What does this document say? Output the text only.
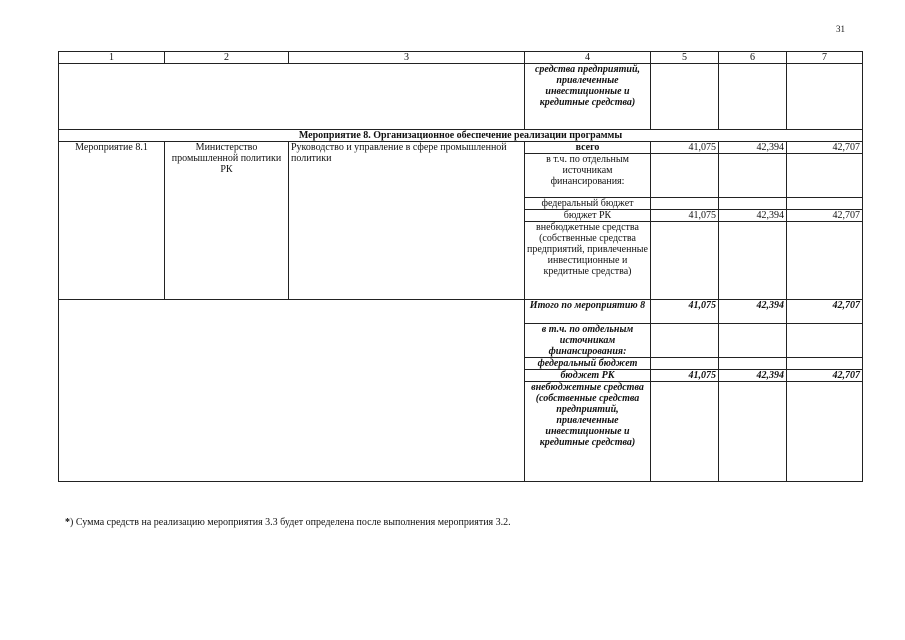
31
1	2	3	4	5	6	7
			средства предприятий, привлеченные инвестиционные и кредитные средства)			
Мероприятие 8. Организационное обеспечение реализации программы						
Мероприятие 8.1	Министерство промышленной политики РК	Руководство и управление в сфере промышленной политики	всего	41,075	42,394	42,707
			в т.ч. по отдельным источникам финансирования:			
			федеральный бюджет			
			бюджет РК	41,075	42,394	42,707
			внебюджетные средства (собственные средства предприятий, привлеченные инвестиционные и кредитные средства)			
			Итого по мероприятию 8	41,075	42,394	42,707
			в т.ч. по отдельным источникам финансирования:			
			федеральный бюджет			
			бюджет РК	41,075	42,394	42,707
			внебюджетные средства (собственные средства предприятий, привлеченные инвестиционные и кредитные средства)			
*) Сумма средств на реализацию мероприятия 3.3 будет определена после выполнения мероприятия 3.2.
